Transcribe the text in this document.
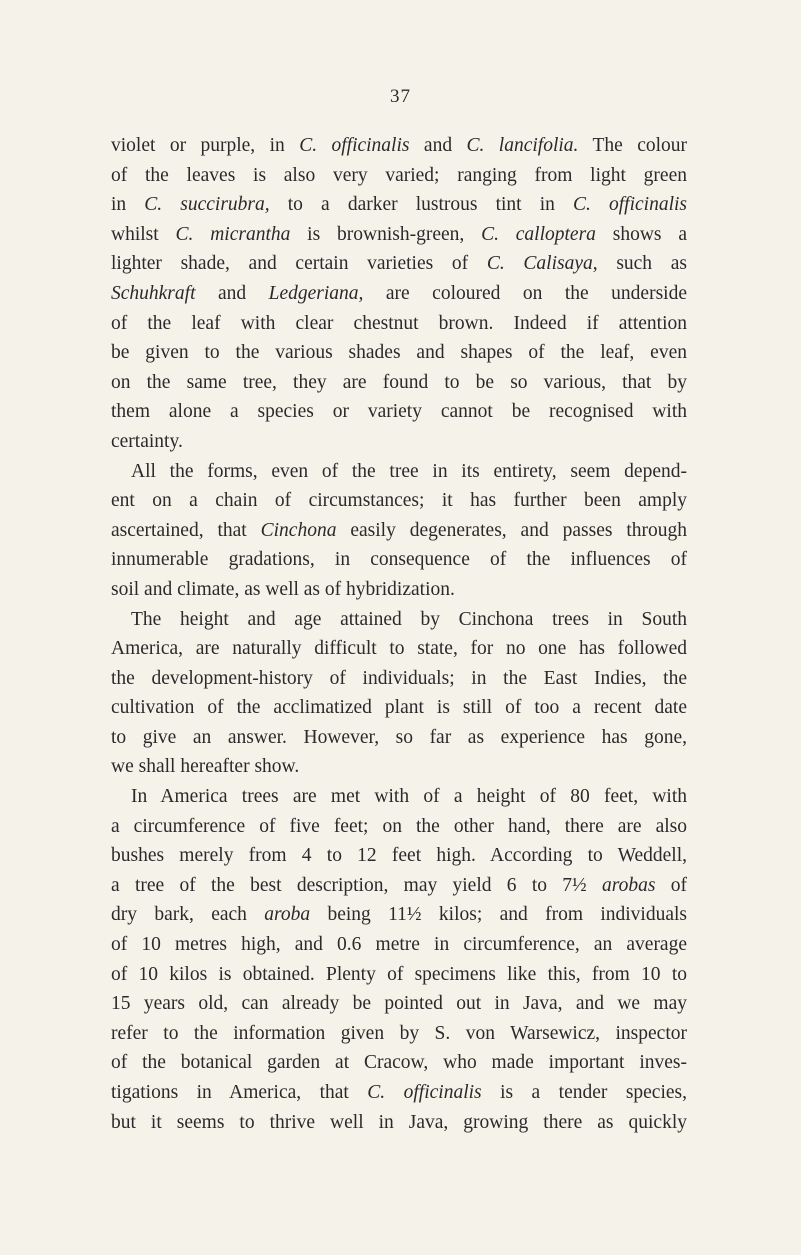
37
violet or purple, in C. officinalis and C. lancifolia. The colour
of the leaves is also very varied; ranging from light green
in C. succirubra, to a darker lustrous tint in C. officinalis
whilst C. micrantha is brownish-green, C. calloptera shows a
lighter shade, and certain varieties of C. Calisaya, such as
Schuhkraft and Ledgeriana, are coloured on the underside
of the leaf with clear chestnut brown. Indeed if attention
be given to the various shades and shapes of the leaf, even
on the same tree, they are found to be so various, that by
them alone a species or variety cannot be recognised with
certainty.
All the forms, even of the tree in its entirety, seem depend-
ent on a chain of circumstances; it has further been amply
ascertained, that Cinchona easily degenerates, and passes through
innumerable gradations, in consequence of the influences of
soil and climate, as well as of hybridization.
The height and age attained by Cinchona trees in South
America, are naturally difficult to state, for no one has followed
the development-history of individuals; in the East Indies, the
cultivation of the acclimatized plant is still of too a recent date
to give an answer. However, so far as experience has gone,
we shall hereafter show.
In America trees are met with of a height of 80 feet, with
a circumference of five feet; on the other hand, there are also
bushes merely from 4 to 12 feet high. According to Weddell,
a tree of the best description, may yield 6 to 7½ arobas of
dry bark, each aroba being 11½ kilos; and from individuals
of 10 metres high, and 0.6 metre in circumference, an average
of 10 kilos is obtained. Plenty of specimens like this, from 10 to
15 years old, can already be pointed out in Java, and we may
refer to the information given by S. von Warsewicz, inspector
of the botanical garden at Cracow, who made important inves-
tigations in America, that C. officinalis is a tender species,
but it seems to thrive well in Java, growing there as quickly
